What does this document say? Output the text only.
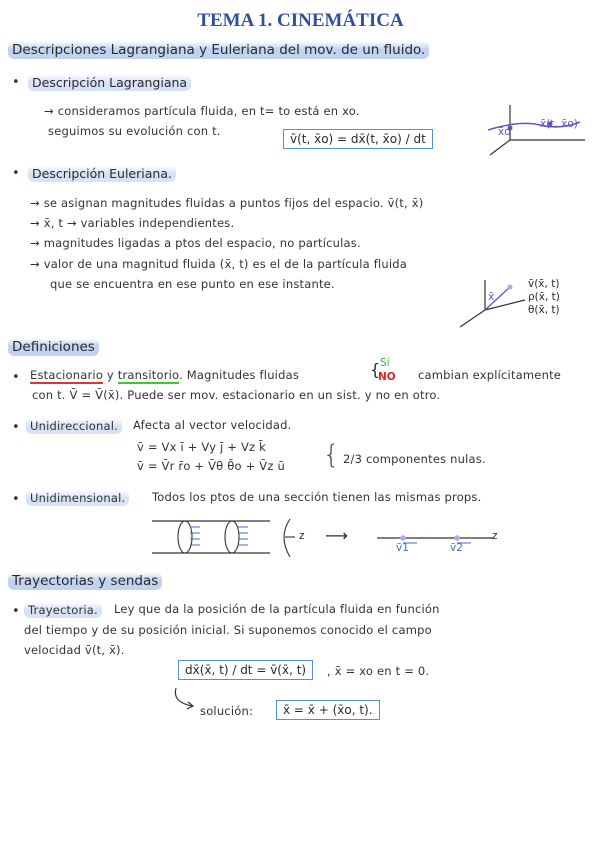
TEMA 1. CINEMÁTICA
Descripciones Lagrangiana y Euleriana del mov. de un fluido.
• Descripción Lagrangiana
→ consideramos partícula fluida, en t= to está en xo.
seguimos su evolución con t.
v̄(t, x̄o) = dx̄(t, x̄o) / dt	x̄o
x̄(t, x̄o)
• Descripción Euleriana.
→ se asignan magnitudes fluidas a puntos fijos del espacio. v̄(t, x̄)
→ x̄, t → variables independientes.
→ magnitudes ligadas a ptos del espacio, no partículas.
→ valor de una magnitud fluida (x̄, t) es el de la partícula fluida
que se encuentra en ese punto en ese instante.
x̄
v̄(x̄, t)
ρ(x̄, t)
θ(x̄, t)
Definiciones
• Estacionario y transitorio. Magnitudes fluidas	{ Sí
NO cambian explícitamente
con t. V̄ = V̄(x̄). Puede ser mov. estacionario en un sist. y no en otro.
• Unidireccional.	Afecta al vector velocidad.
v̄ = Vx ī + Vy j̄ + Vz k̄
v̄ = V̄r r̄o + V̄θ θ̄o + V̄z ū { 2/3 componentes nulas.
• Unidimensional.	Todos los ptos de una sección tienen las mismas props.
z ⟶	z
v̄1	v̄2
Trayectorias y sendas
• Trayectoria.	Ley que da la posición de la partícula fluida en función
del tiempo y de su posición inicial. Si suponemos conocido el campo
velocidad v̄(t, x̄).
dx̄(x̄, t) / dt = v̄(x̄, t)	, x̄ = xo en t = 0.
solución:	x̄ = x̄ + (x̄o, t).
